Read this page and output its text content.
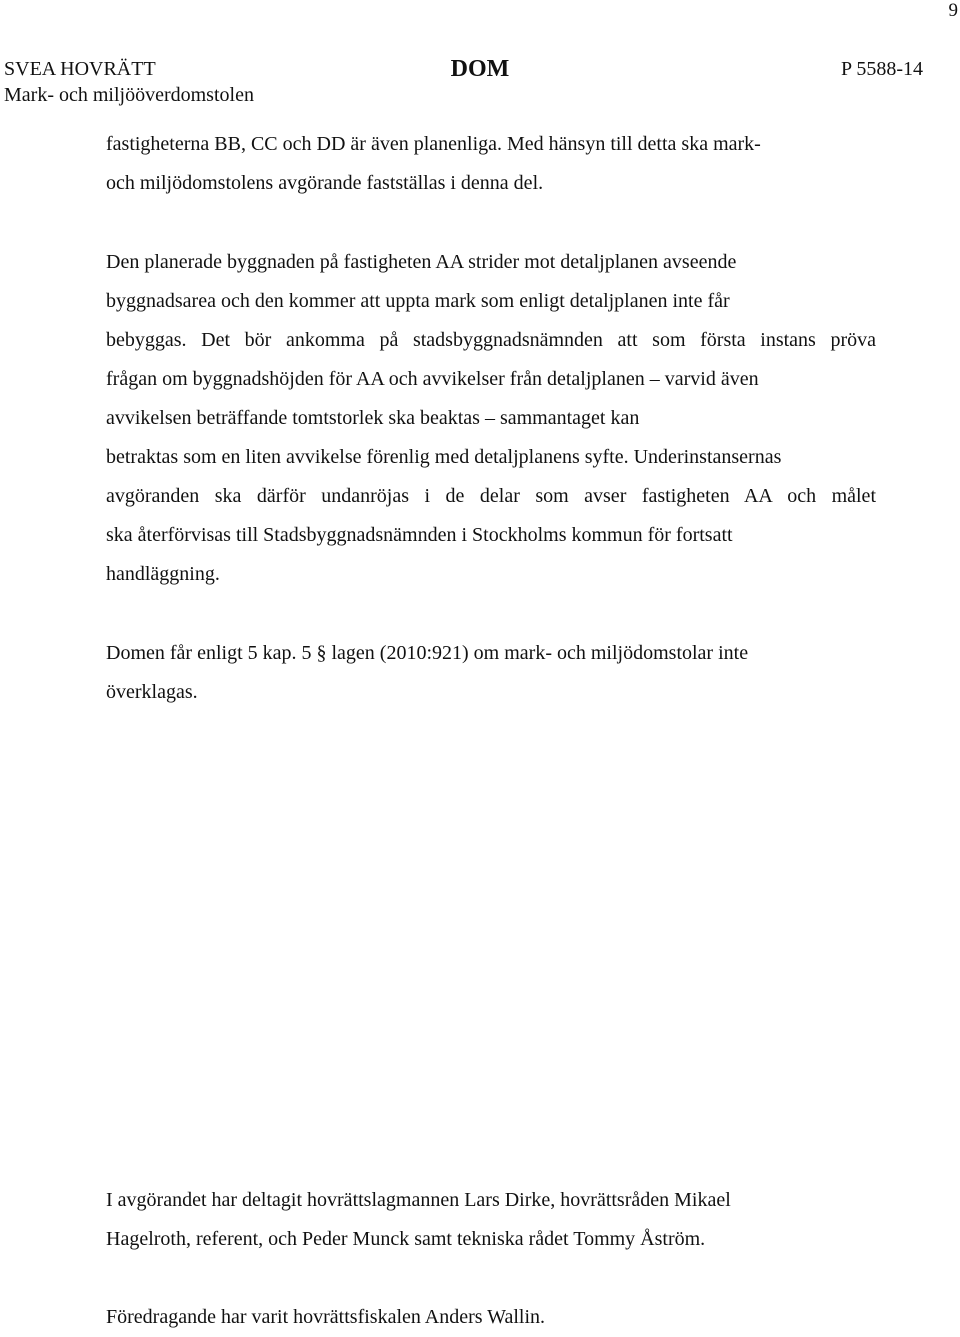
9
SVEA HOVRÄTT
Mark- och miljööverdomstolen
DOM	P 5588-14
fastigheterna BB, CC och DD är även planenliga. Med hänsyn till detta ska mark-
och miljödomstolens avgörande fastställas i denna del.
Den planerade byggnaden på fastigheten AA strider mot detaljplanen avseende
byggnadsarea och den kommer att uppta mark som enligt detaljplanen inte får
bebyggas. Det bör ankomma på stadsbyggnadsnämnden att som första instans pröva
frågan om byggnadshöjden för AA och avvikelser från detaljplanen – varvid även
avvikelsen beträffande tomtstorlek ska beaktas – sammantaget kan
betraktas som en liten avvikelse förenlig med detaljplanens syfte. Underinstansernas
avgöranden ska därför undanröjas i de delar som avser fastigheten AA och målet
ska återförvisas till Stadsbyggnadsnämnden i Stockholms kommun för fortsatt
handläggning.
Domen får enligt 5 kap. 5 § lagen (2010:921) om mark- och miljödomstolar inte
överklagas.
I avgörandet har deltagit hovrättslagmannen Lars Dirke, hovrättsråden Mikael
Hagelroth, referent, och Peder Munck samt tekniska rådet Tommy Åström.
Föredragande har varit hovrättsfiskalen Anders Wallin.
